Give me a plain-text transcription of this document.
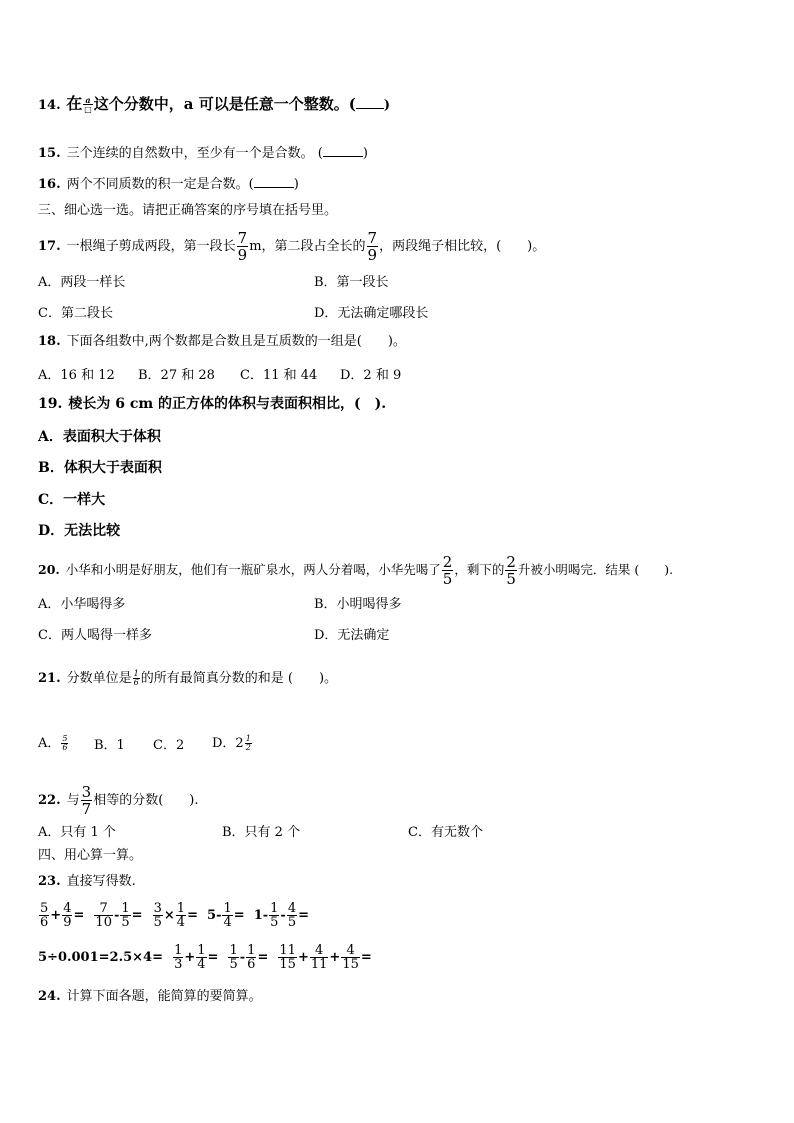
14. 在 $\frac{a}{□}$ 这个分数中，a 可以是任意一个整数。( )
15. 三个连续的自然数中，至少有一个是合数。 (	)
16. 两个不同质数的积一定是合数。(	)
三、细心选一选。请把正确答案的序号填在括号里。
17. 一根绳子剪成两段，第一段长 $\frac{7}{9}$ m，第二段占全长的 $\frac{7}{9}$ ，两段绳子相比较，(　　)。
A．两段一样长	B．第一段长
C．第二段长	D．无法确定哪段长
18. 下面各组数中,两个数都是合数且是互质数的一组是(　　)。
A．16 和 12 B．27 和 28 C．11 和 44 D．2 和 9
19. 棱长为 6 cm 的正方体的体积与表面积相比，(　).
A．表面积大于体积
B．体积大于表面积
C．一样大
D．无法比较
20. 小华和小明是好朋友，他们有一瓶矿泉水，两人分着喝，小华先喝了 $\frac{2}{5}$ ，剩下的 $\frac{2}{5}$ 升被小明喝完．结果 (　　).
A．小华喝得多	B．小明喝得多
C．两人喝得一样多	D．无法确定
21. 分数单位是 $\frac{1}{6}$ 的所有最简真分数的和是 (　　)。
A． $\frac{5}{6}$ B．1 C．2 D．$2 \frac{1}{2}$
22. 与 $\frac{3}{7}$ 相等的分数(　　).
A．只有 1 个	B．只有 2 个	C．有无数个
四、用心算一算。
23. 直接写得数.
$\frac{5}{6} + \frac{4}{9} = \frac{7}{10} - \frac{1}{5} = \frac{3}{5} \times \frac{1}{4} = 5- \frac{1}{4} = 1- \frac{1}{5} - \frac{4}{5}$ =
$5\div 0.001=2.5\times 4= \frac{1}{3} + \frac{1}{4} = \frac{1}{5} - \frac{1}{6} = \frac{11}{15} + \frac{4}{11} + \frac{4}{15}$ =
24. 计算下面各题，能简算的要简算。
